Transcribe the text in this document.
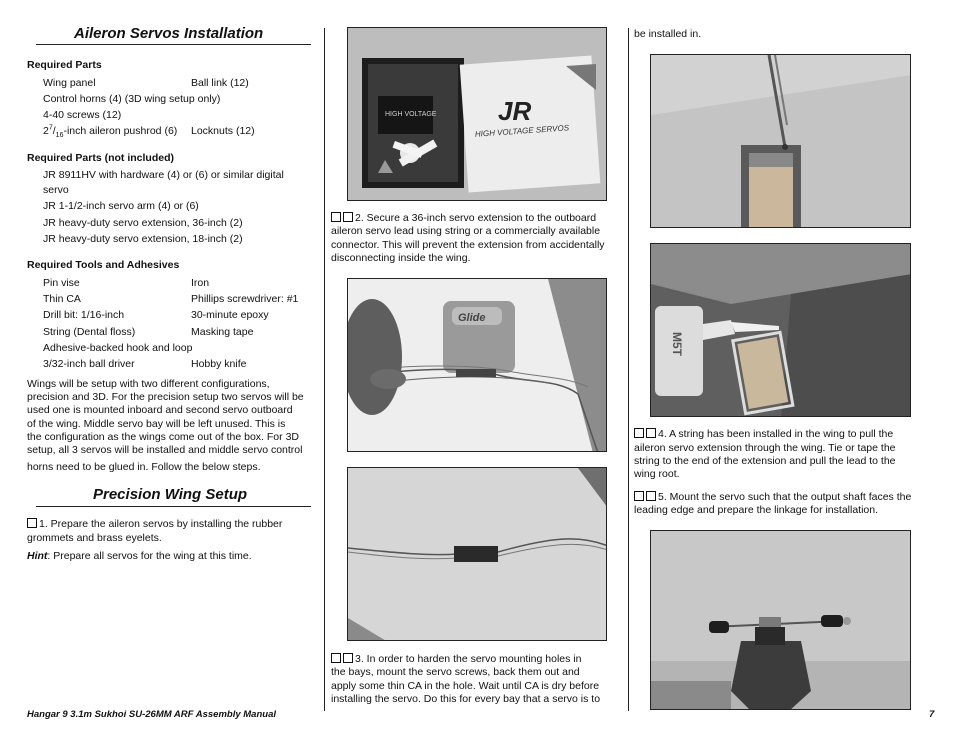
Aileron Servos Installation
Required Parts
Wing panel	Ball link (12)
Control horns (4) (3D wing setup only)
4-40 screws (12)
$2^7/_{16}$-inch aileron pushrod (6) Locknuts (12)
Required Parts (not included)
JR 8911HV with hardware (4) or (6) or similar digital
servo
JR 1-1/2-inch servo arm (4) or (6)
JR heavy-duty servo extension, 36-inch (2)
JR heavy-duty servo extension, 18-inch (2)
Required Tools and Adhesives
Pin vise	Iron
Thin CA	Phillips screwdriver: #1
Drill bit: 1/16-inch	30-minute epoxy
String (Dental floss)	Masking tape
Adhesive-backed hook and loop
3/32-inch ball driver	Hobby knife
Wings will be setup with two different configurations,
precision and 3D. For the precision setup two servos will be
used one is mounted inboard and second servo outboard
of the wing. Middle servo bay will be left unused. This is
the configuration as the wings come out of the box. For 3D
setup, all 3 servos will be installed and middle servo control
horns need to be glued in. Follow the below steps.
Precision Wing Setup
1. Prepare the aileron servos by installing the rubber
grommets and brass eyelets.
Hint: Prepare all servos for the wing at this time.
HIGH VOLTAGE JR
HIGH VOLTAGE SERVOS
2. Secure a 36-inch servo extension to the outboard
aileron servo lead using string or a commercially available
connector. This will prevent the extension from accidentally
disconnecting inside the wing.
Glide
3. In order to harden the servo mounting holes in
the bays, mount the servo screws, back them out and
apply some thin CA in the hole. Wait until CA is dry before
installing the servo. Do this for every bay that a servo is to
be installed in.
M5T
4. A string has been installed in the wing to pull the
aileron servo extension through the wing. Tie or tape the
string to the end of the extension and pull the lead to the
wing root.
5. Mount the servo such that the output shaft faces the
leading edge and prepare the linkage for installation.
Hangar 9 3.1m Sukhoi SU-26MM ARF Assembly Manual	7
